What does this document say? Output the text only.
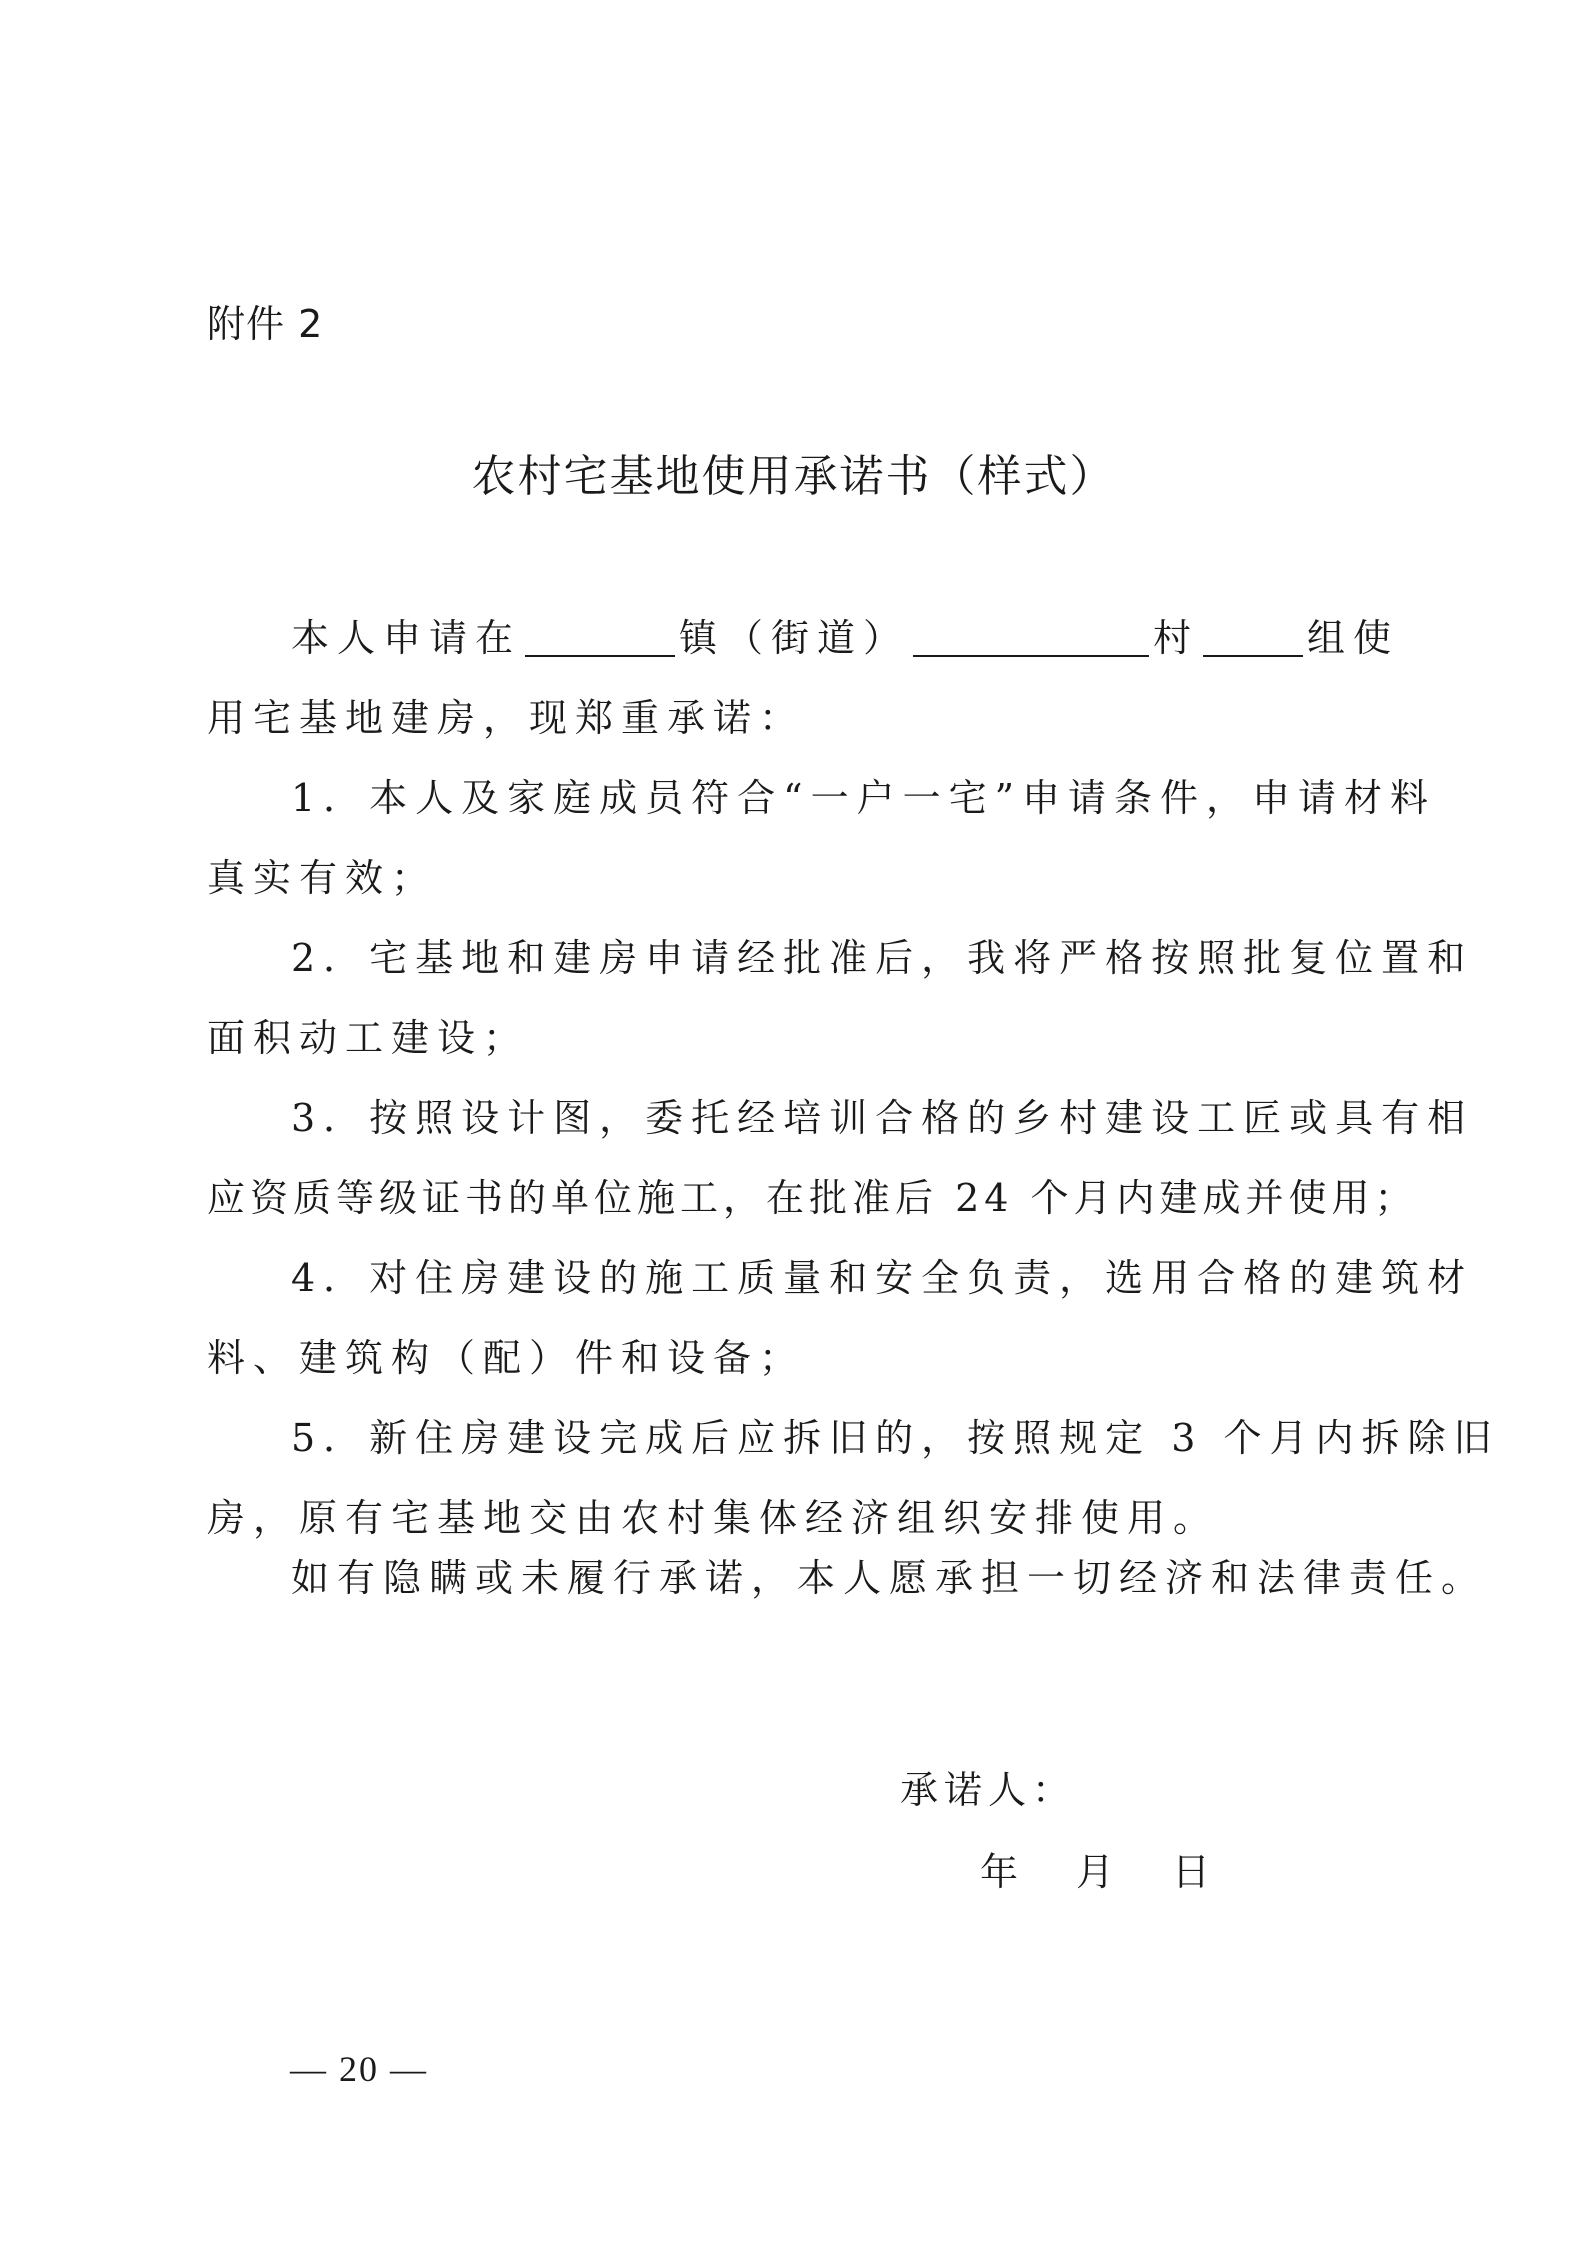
附件 2
农村宅基地使用承诺书（样式）
本人申请在	镇（街道）	村	组使
用宅基地建房，现郑重承诺：
1．本人及家庭成员符合“一户一宅”申请条件，申请材料
真实有效；
2．宅基地和建房申请经批准后，我将严格按照批复位置和
面积动工建设；
3．按照设计图，委托经培训合格的乡村建设工匠或具有相
应资质等级证书的单位施工，在批准后 24 个月内建成并使用；
4．对住房建设的施工质量和安全负责，选用合格的建筑材
料、建筑构（配）件和设备；
5．新住房建设完成后应拆旧的，按照规定 3 个月内拆除旧
房，原有宅基地交由农村集体经济组织安排使用。
如有隐瞒或未履行承诺，本人愿承担一切经济和法律责任。
承诺人：
年 月 日
— 20 —
